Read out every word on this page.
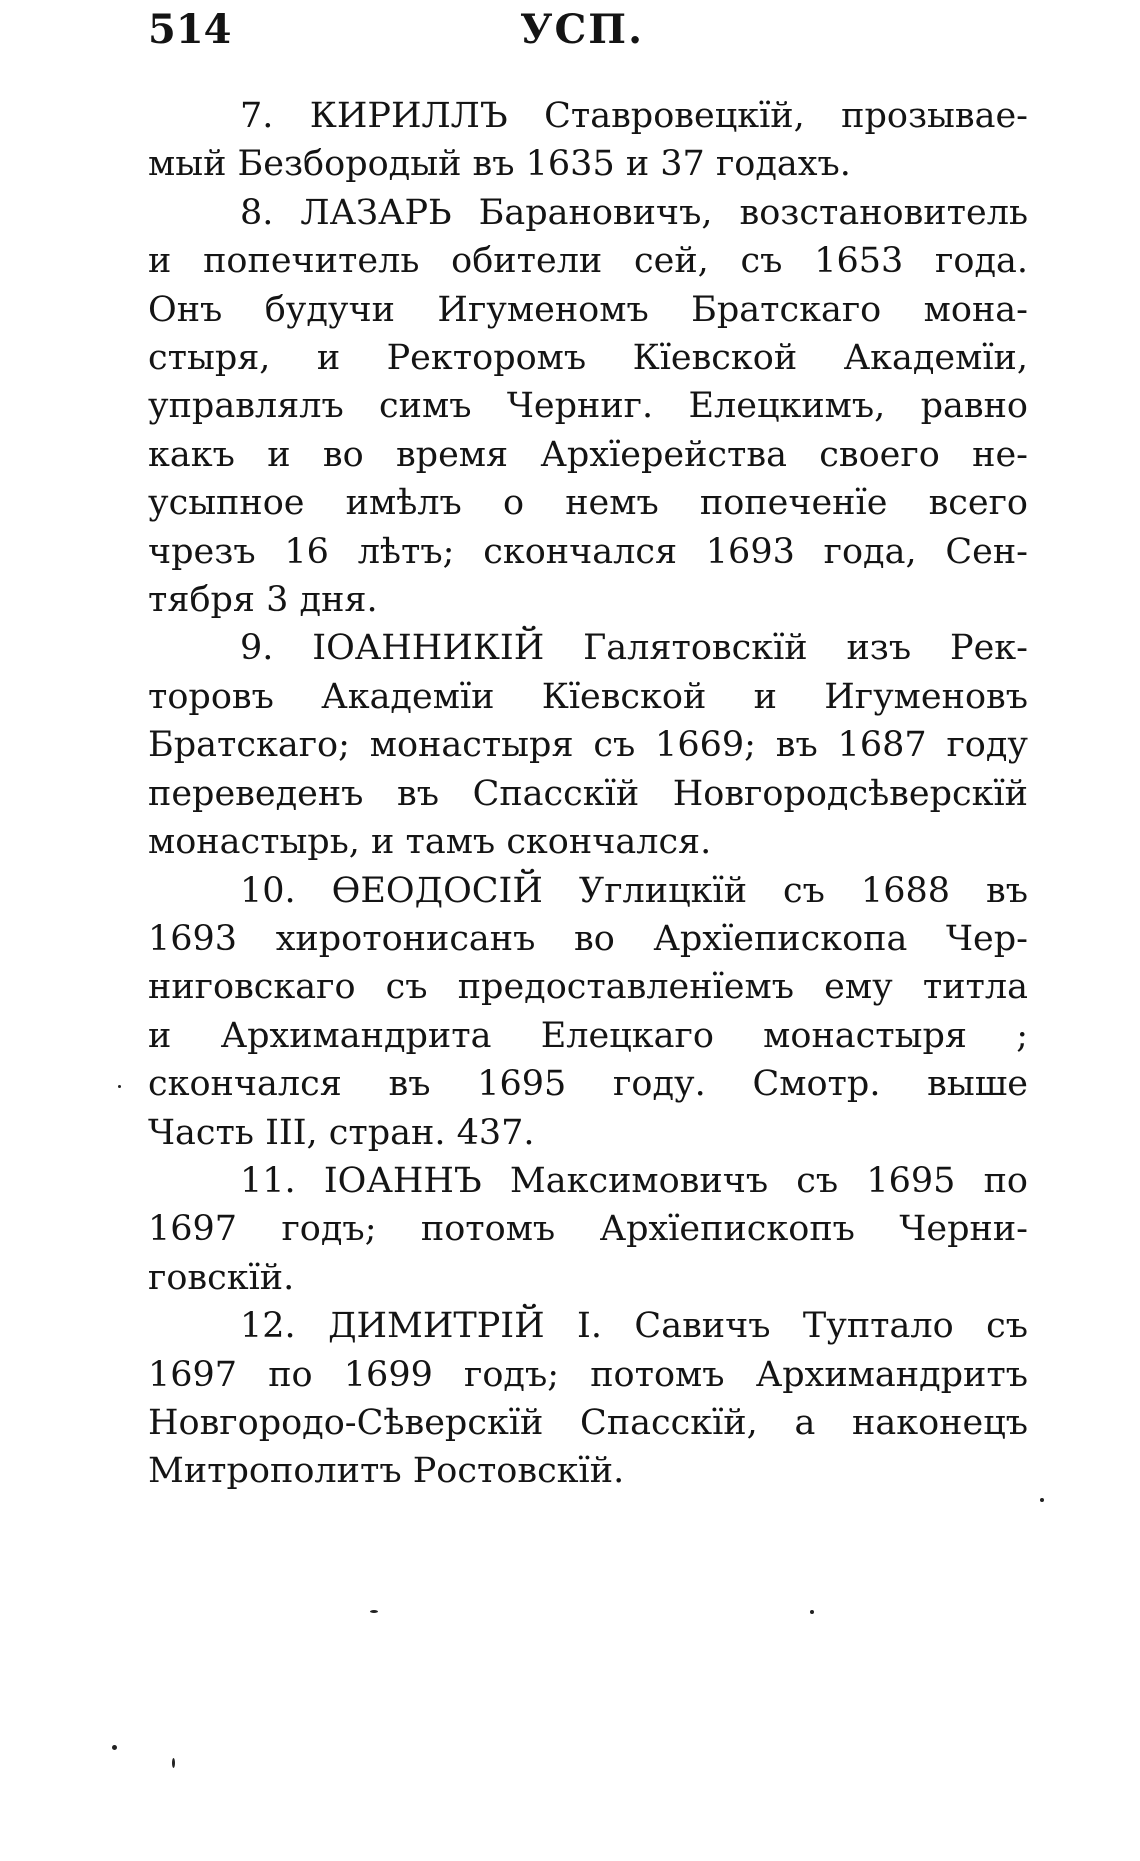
514	УСП.
7. КИРИЛЛЪ Ставровецкїй, прозывае-
мый Безбородый въ 1635 и 37 годахъ.
8. ЛАЗАРЬ Барановичъ, возстановитель
и попечитель обители сей, съ 1653 года.
Онъ будучи Игуменомъ Братскаго мона-
стыря, и Ректоромъ Кїевской Академїи,
управлялъ симъ Черниг. Елецкимъ, равно
какъ и во время Архїерейства своего не-
усыпное имѣлъ о немъ попеченїе всего
чрезъ 16 лѣтъ; скончался 1693 года, Сен-
тября 3 дня.
9. ІОАННИКІЙ Галятовскїй изъ Рек-
торовъ Академїи Кїевской и Игуменовъ
Братскаго; монастыря съ 1669; въ 1687 году
переведенъ въ Спасскїй Новгородсѣверскїй
монастырь, и тамъ скончался.
10. ѲЕОДОСІЙ Углицкїй съ 1688 въ
1693 хиротонисанъ во Архїепископа Чер-
ниговскаго съ предоставленїемъ ему титла
и Архимандрита Елецкаго монастыря ;
скончался въ 1695 году. Смотр. выше
Часть III, стран. 437.
11. ІОАННЪ Максимовичъ съ 1695 по
1697 годъ; потомъ Архїепископъ Черни-
говскїй.
12. ДИМИТРІЙ I. Савичъ Туптало съ
1697 по 1699 годъ; потомъ Архимандритъ
Новгородо-Сѣверскїй Спасскїй, а наконецъ
Митрополитъ Ростовскїй.
